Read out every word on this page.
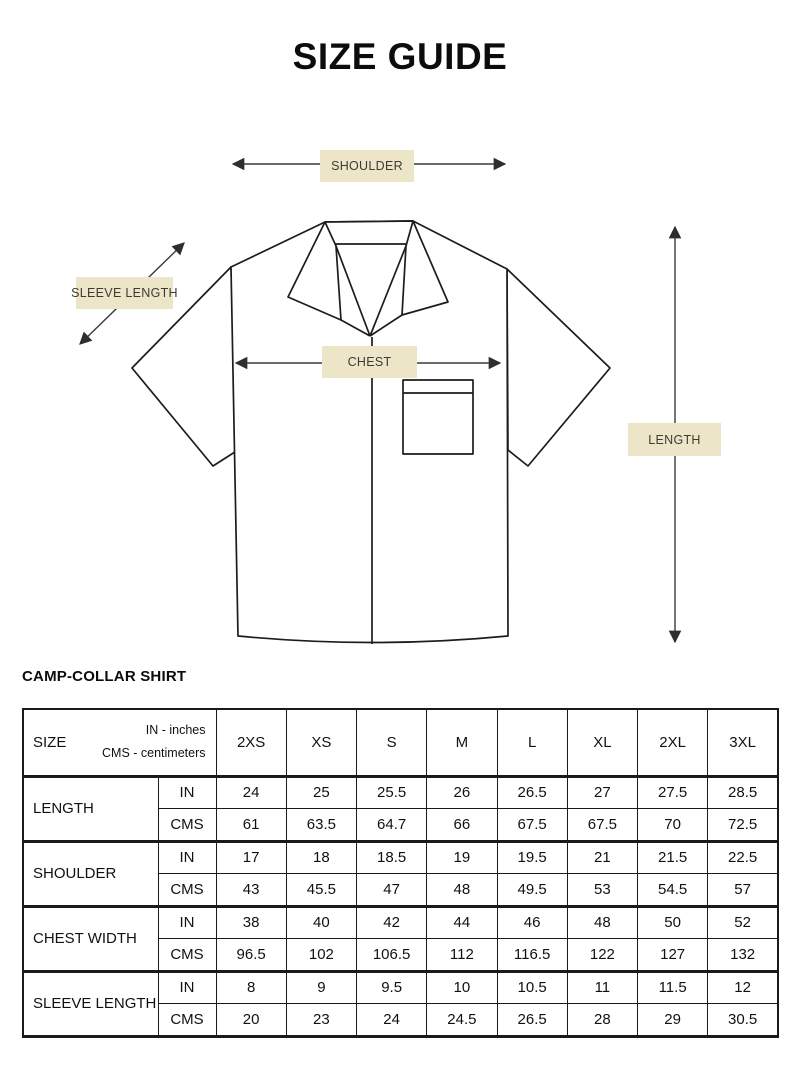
SIZE GUIDE
SHOULDER
SLEEVE LENGTH
CHEST
LENGTH
CAMP-COLLAR SHIRT
SIZE
IN - inches
CMS - centimeters		2XS	XS	S	M	L	XL	2XL	3XL
LENGTH	IN	24	25	25.5	26	26.5	27	27.5	28.5
	CMS	61	63.5	64.7	66	67.5	67.5	70	72.5
SHOULDER	IN	17	18	18.5	19	19.5	21	21.5	22.5
	CMS	43	45.5	47	48	49.5	53	54.5	57
CHEST WIDTH	IN	38	40	42	44	46	48	50	52
	CMS	96.5	102	106.5	112	116.5	122	127	132
SLEEVE LENGTH	IN	8	9	9.5	10	10.5	11	11.5	12
	CMS	20	23	24	24.5	26.5	28	29	30.5
